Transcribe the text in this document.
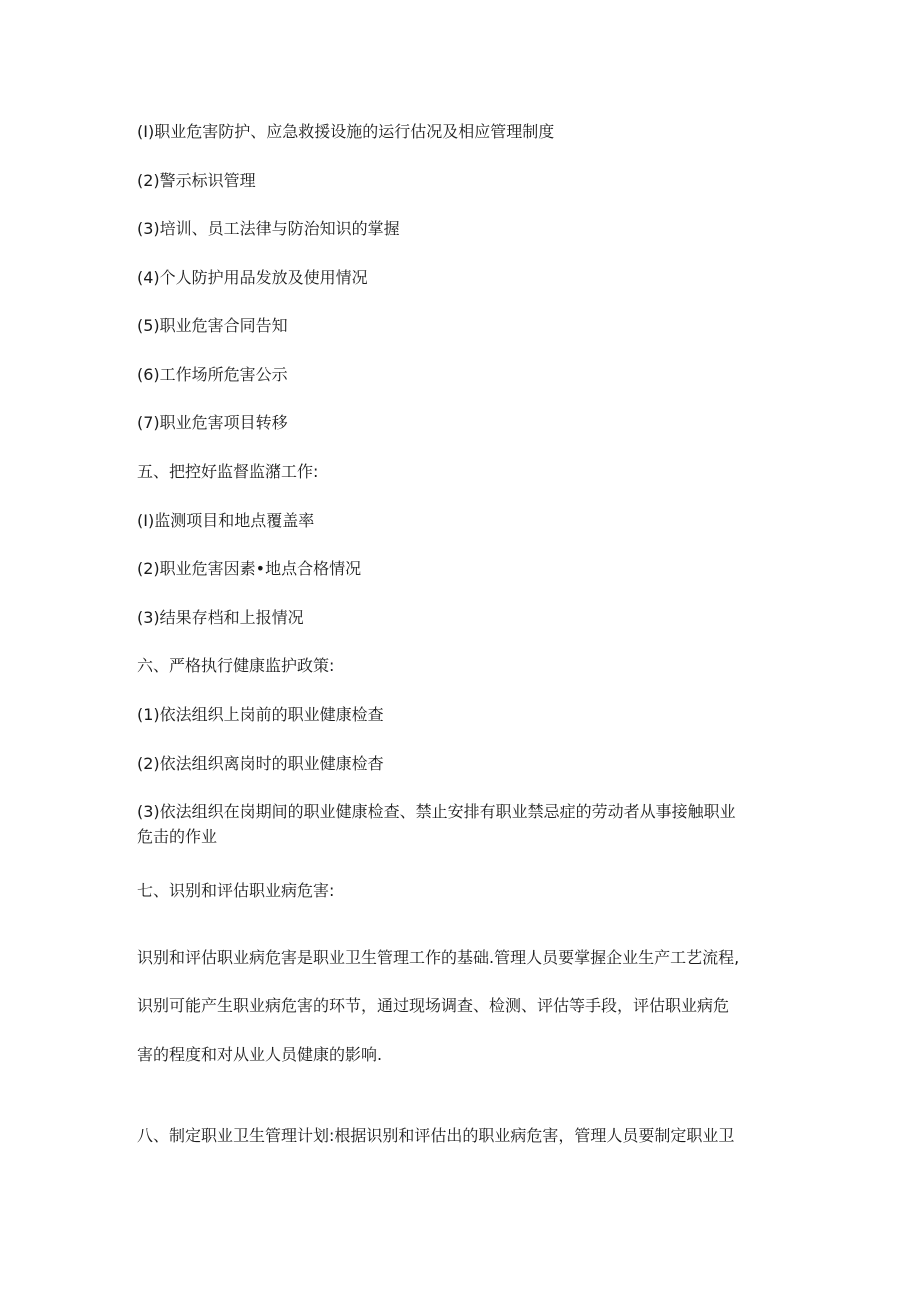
(I)职业危害防护、应急救援设施的运行估况及相应管理制度
(2)警示标识管理
(3)培训、员工法律与防治知识的掌握
(4)个人防护用品发放及使用情况
(5)职业危害合同告知
(6)工作场所危害公示
(7)职业危害项目转移
五、把控好监督监潴工作:
(I)监测项目和地点覆盖率
(2)职业危害因素•地点合格情况
(3)结果存档和上报情况
六、严格执行健康监护政策:
(1)依法组织上岗前的职业健康检查
(2)依法组织离岗时的职业健康检杳
(3)依法组织在岗期间的职业健康检查、禁止安排有职业禁忌症的劳动者从事接触职业
危击的作业
七、识别和评估职业病危害:
识别和评估职业病危害是职业卫生管理工作的基础.管理人员要掌握企业生产工艺流程,
识别可能产生职业病危害的环节，通过现场调查、检测、评估等手段，评估职业病危
害的程度和对从业人员健康的影响.
八、制定职业卫生管理计划:根据识别和评估出的职业病危害，管理人员要制定职业卫
